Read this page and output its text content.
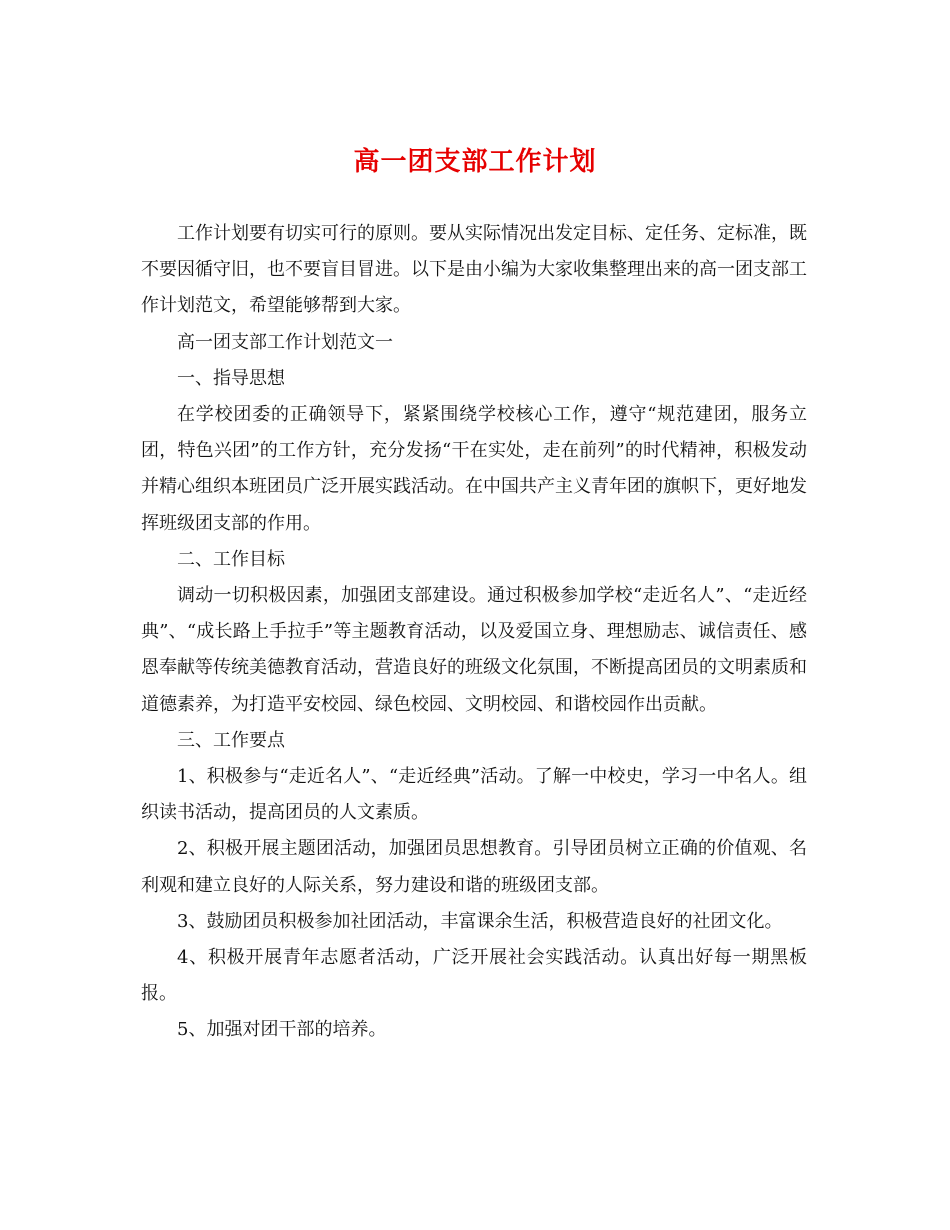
高一团支部工作计划

工作计划要有切实可行的原则。要从实际情况出发定目标、定任务、定标准，既不要因循守旧，也不要盲目冒进。以下是由小编为大家收集整理出来的高一团支部工作计划范文，希望能够帮到大家。

高一团支部工作计划范文一

一、指导思想

在学校团委的正确领导下，紧紧围绕学校核心工作，遵守“规范建团，服务立团，特色兴团”的工作方针，充分发扬“干在实处，走在前列”的时代精神，积极发动并精心组织本班团员广泛开展实践活动。在中国共产主义青年团的旗帜下，更好地发挥班级团支部的作用。

二、工作目标

调动一切积极因素，加强团支部建设。通过积极参加学校“走近名人”、“走近经典”、“成长路上手拉手”等主题教育活动，以及爱国立身、理想励志、诚信责任、感恩奉献等传统美德教育活动，营造良好的班级文化氛围，不断提高团员的文明素质和道德素养，为打造平安校园、绿色校园、文明校园、和谐校园作出贡献。

三、工作要点

1、积极参与“走近名人”、“走近经典”活动。了解一中校史，学习一中名人。组织读书活动，提高团员的人文素质。

2、积极开展主题团活动，加强团员思想教育。引导团员树立正确的价值观、名利观和建立良好的人际关系，努力建设和谐的班级团支部。

3、鼓励团员积极参加社团活动，丰富课余生活，积极营造良好的社团文化。

4、积极开展青年志愿者活动，广泛开展社会实践活动。认真出好每一期黑板报。

5、加强对团干部的培养。
